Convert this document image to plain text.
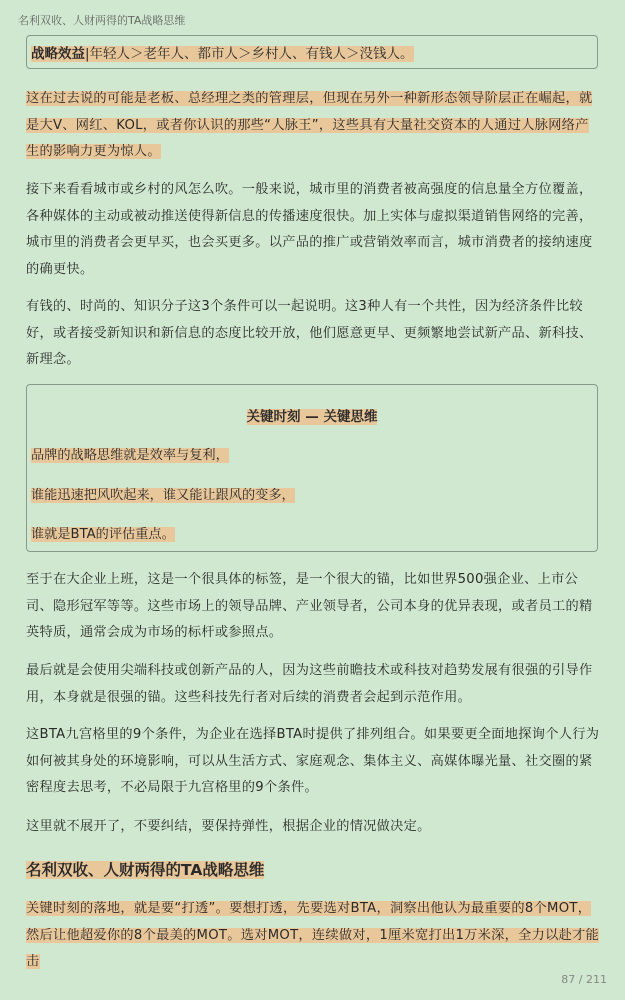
名利双收、人财两得的TA战略思维
战略效益|年轻人＞老年人、都市人＞乡村人、有钱人＞没钱人。

这在过去说的可能是老板、总经理之类的管理层，但现在另外一种新形态领导阶层正在崛起，就是大V、网红、KOL，或者你认识的那些“人脉王”，这些具有大量社交资本的人通过人脉网络产生的影响力更为惊人。

接下来看看城市或乡村的风怎么吹。一般来说，城市里的消费者被高强度的信息量全方位覆盖，各种媒体的主动或被动推送使得新信息的传播速度很快。加上实体与虚拟渠道销售网络的完善，城市里的消费者会更早买，也会买更多。以产品的推广或营销效率而言，城市消费者的接纳速度的确更快。

有钱的、时尚的、知识分子这3个条件可以一起说明。这3种人有一个共性，因为经济条件比较好，或者接受新知识和新信息的态度比较开放，他们愿意更早、更频繁地尝试新产品、新科技、新理念。

关键时刻 — 关键思维
品牌的战略思维就是效率与复利，
谁能迅速把风吹起来，谁又能让跟风的变多，
谁就是BTA的评估重点。

至于在大企业上班，这是一个很具体的标签，是一个很大的锚，比如世界500强企业、上市公司、隐形冠军等等。这些市场上的领导品牌、产业领导者，公司本身的优异表现，或者员工的精英特质，通常会成为市场的标杆或参照点。

最后就是会使用尖端科技或创新产品的人，因为这些前瞻技术或科技对趋势发展有很强的引导作用，本身就是很强的锚。这些科技先行者对后续的消费者会起到示范作用。

这BTA九宫格里的9个条件，为企业在选择BTA时提供了排列组合。如果要更全面地探询个人行为如何被其身处的环境影响，可以从生活方式、家庭观念、集体主义、高媒体曝光量、社交圈的紧密程度去思考，不必局限于九宫格里的9个条件。

这里就不展开了，不要纠结，要保持弹性，根据企业的情况做决定。

名利双收、人财两得的TA战略思维

关键时刻的落地，就是要“打透”。要想打透，先要选对BTA，洞察出他认为最重要的8个MOT，然后让他超爱你的8个最美的MOT。选对MOT，连续做对，1厘米宽打出1万米深，全力以赴才能击

87 / 211
